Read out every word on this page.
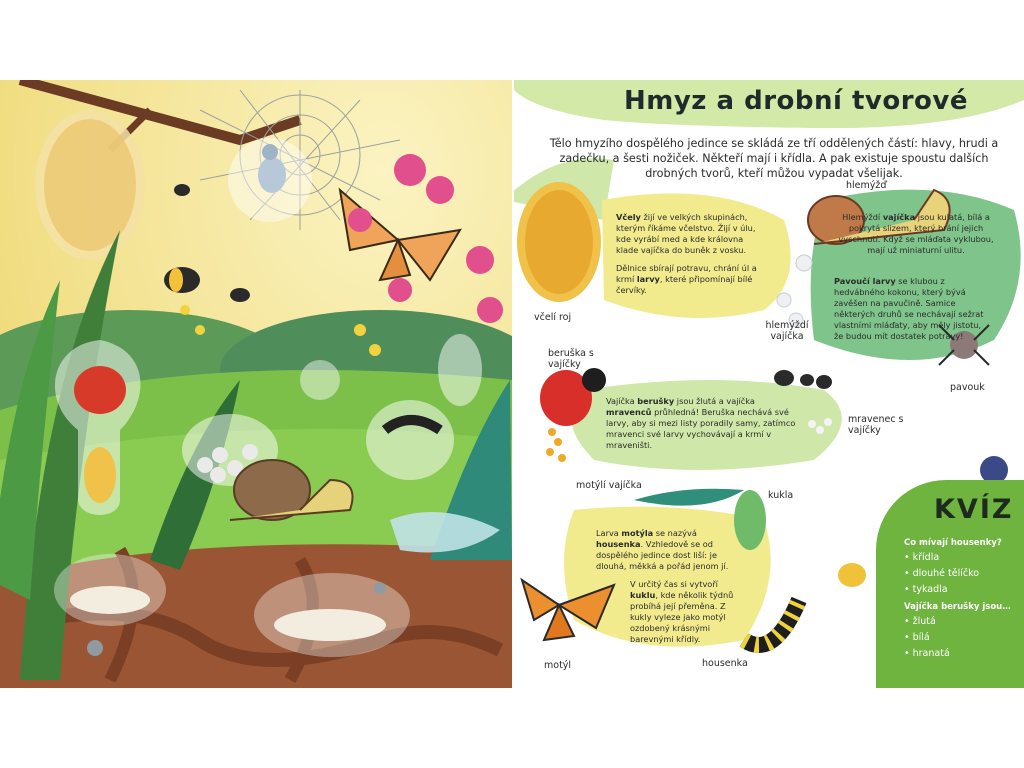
Hmyz a drobní tvorové
Tělo hmyzího dospělého jedince se skládá ze tří oddělených částí: hlavy, hrudi a zadečku, a šesti nožiček. Někteří mají i křídla. A pak existuje spoustu dalších drobných tvorů, kteří můžou vypadat všelijak.

Včely žijí ve velkých skupinách, kterým říkáme včelstvo. Žijí v úlu, kde vyrábí med a kde královna klade vajíčka do buněk z vosku.

Dělnice sbírají potravu, chrání úl a krmí larvy, které připomínají bílé červíky.

včelí roj
hlemýžď

Hlemýždí vajíčka jsou kulatá, bílá a pokrytá slizem, který brání jejich vyschnutí. Když se mláďata vyklubou, mají už miniaturní ulitu.

hlemýždí vajíčka

Pavoučí larvy se klubou z hedvábného kokonu, který bývá zavěšen na pavučině. Samice některých druhů se nechávají sežrat vlastními mláďaty, aby měly jistotu, že budou mít dostatek potravy!

pavouk
beruška s vajíčky

Vajíčka berušky jsou žlutá a vajíčka mravenců průhledná! Beruška nechává své larvy, aby si mezi listy poradily samy, zatímco mravenci své larvy vychovávají a krmí v mraveništi.

mravenec s vajíčky
motýlí vajíčka
kukla

Larva motýla se nazývá housenka. Vzhledově se od dospělého jedince dost liší: je dlouhá, měkká a pořád jenom jí.

V určitý čas si vytvoří kuklu, kde několik týdnů probíhá její přeměna. Z kukly vyleze jako motýl ozdobený krásnými barevnými křídly.

motýl	housenka
KVÍZ
Co mívají housenky?
• křídla
• dlouhé tělíčko
• tykadla
Vajíčka berušky jsou…
• žlutá
• bílá
• hranatá
